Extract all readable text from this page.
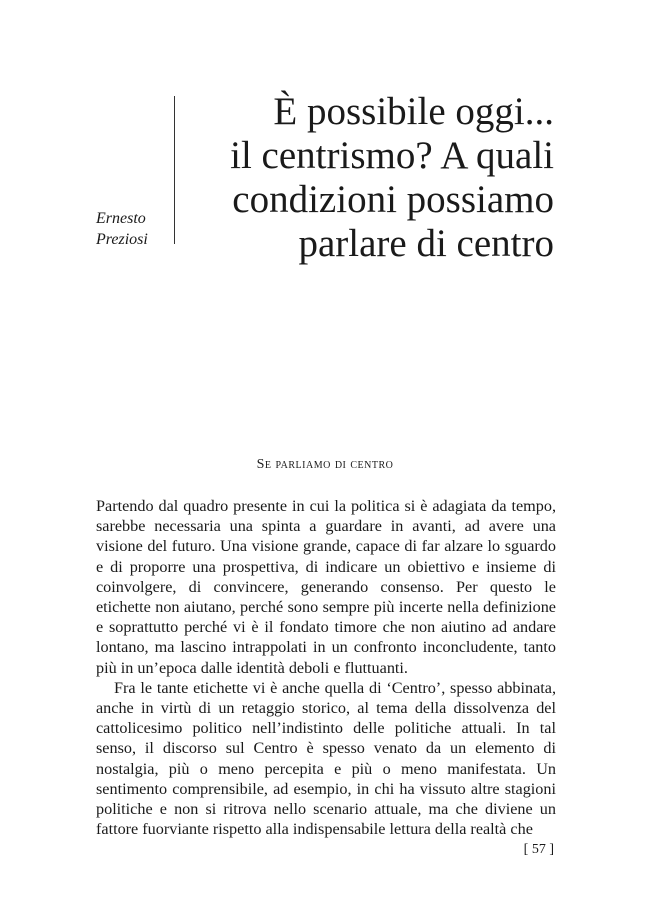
Ernesto
Preziosi
È possibile oggi...
il centrismo? A quali
condizioni possiamo
parlare di centro
Se parliamo di centro

Partendo dal quadro presente in cui la politica si è adagiata da tempo, sarebbe necessaria una spinta a guardare in avanti, ad avere una visione del futuro. Una visione grande, capace di far alzare lo sguardo e di proporre una prospettiva, di indicare un obiettivo e insieme di coinvolgere, di convincere, generando consenso. Per questo le etichette non aiutano, perché sono sempre più incerte nella definizione e soprattutto perché vi è il fondato timore che non aiutino ad andare lontano, ma lascino intrappolati in un confronto inconcludente, tanto più in un’epoca dalle identità deboli e fluttuanti.

Fra le tante etichette vi è anche quella di ‘Centro’, spesso abbinata, anche in virtù di un retaggio storico, al tema della dissolvenza del cattolicesimo politico nell’indistinto delle politiche attuali. In tal senso, il discorso sul Centro è spesso venato da un elemento di nostalgia, più o meno percepita e più o meno manifestata. Un sentimento comprensibile, ad esempio, in chi ha vissuto altre stagioni politiche e non si ritrova nello scenario attuale, ma che diviene un fattore fuorviante rispetto alla indispensabile lettura della realtà che

[ 57 ]
